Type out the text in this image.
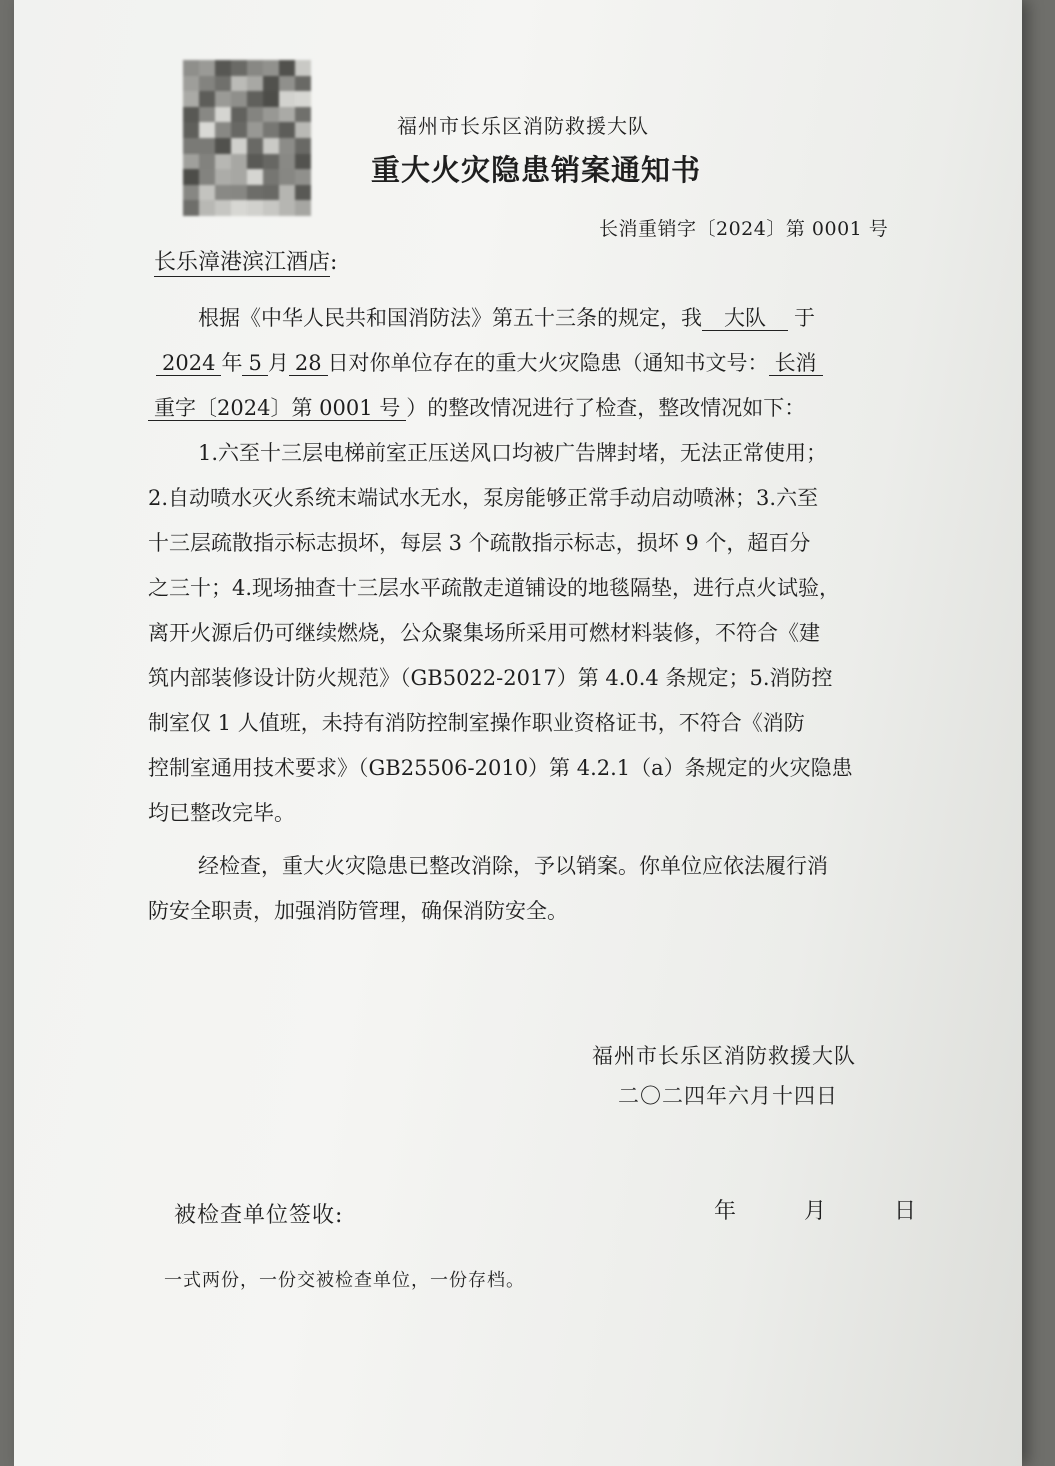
福州市长乐区消防救援大队
重大火灾隐患销案通知书
长消重销字〔2024〕第 0001 号
长乐漳港滨江酒店:
根据《中华人民共和国消防法》第五十三条的规定，我 大队 于
2024 年 5 月 28 日对你单位存在的重大火灾隐患（通知书文号： 长消
重字〔2024〕第 0001 号 ）的整改情况进行了检查，整改情况如下：
1.六至十三层电梯前室正压送风口均被广告牌封堵，无法正常使用；
2.自动喷水灭火系统末端试水无水，泵房能够正常手动启动喷淋；3.六至
十三层疏散指示标志损坏，每层 3 个疏散指示标志，损坏 9 个，超百分
之三十；4.现场抽查十三层水平疏散走道铺设的地毯隔垫，进行点火试验，
离开火源后仍可继续燃烧，公众聚集场所采用可燃材料装修，不符合《建
筑内部装修设计防火规范》（GB5022-2017）第 4.0.4 条规定；5.消防控
制室仅 1 人值班，未持有消防控制室操作职业资格证书，不符合《消防
控制室通用技术要求》（GB25506-2010）第 4.2.1（a）条规定的火灾隐患
均已整改完毕。
经检查，重大火灾隐患已整改消除，予以销案。你单位应依法履行消
防安全职责，加强消防管理，确保消防安全。
福州市长乐区消防救援大队
二〇二四年六月十四日
被检查单位签收:	年	月	日
一式两份，一份交被检查单位，一份存档。
